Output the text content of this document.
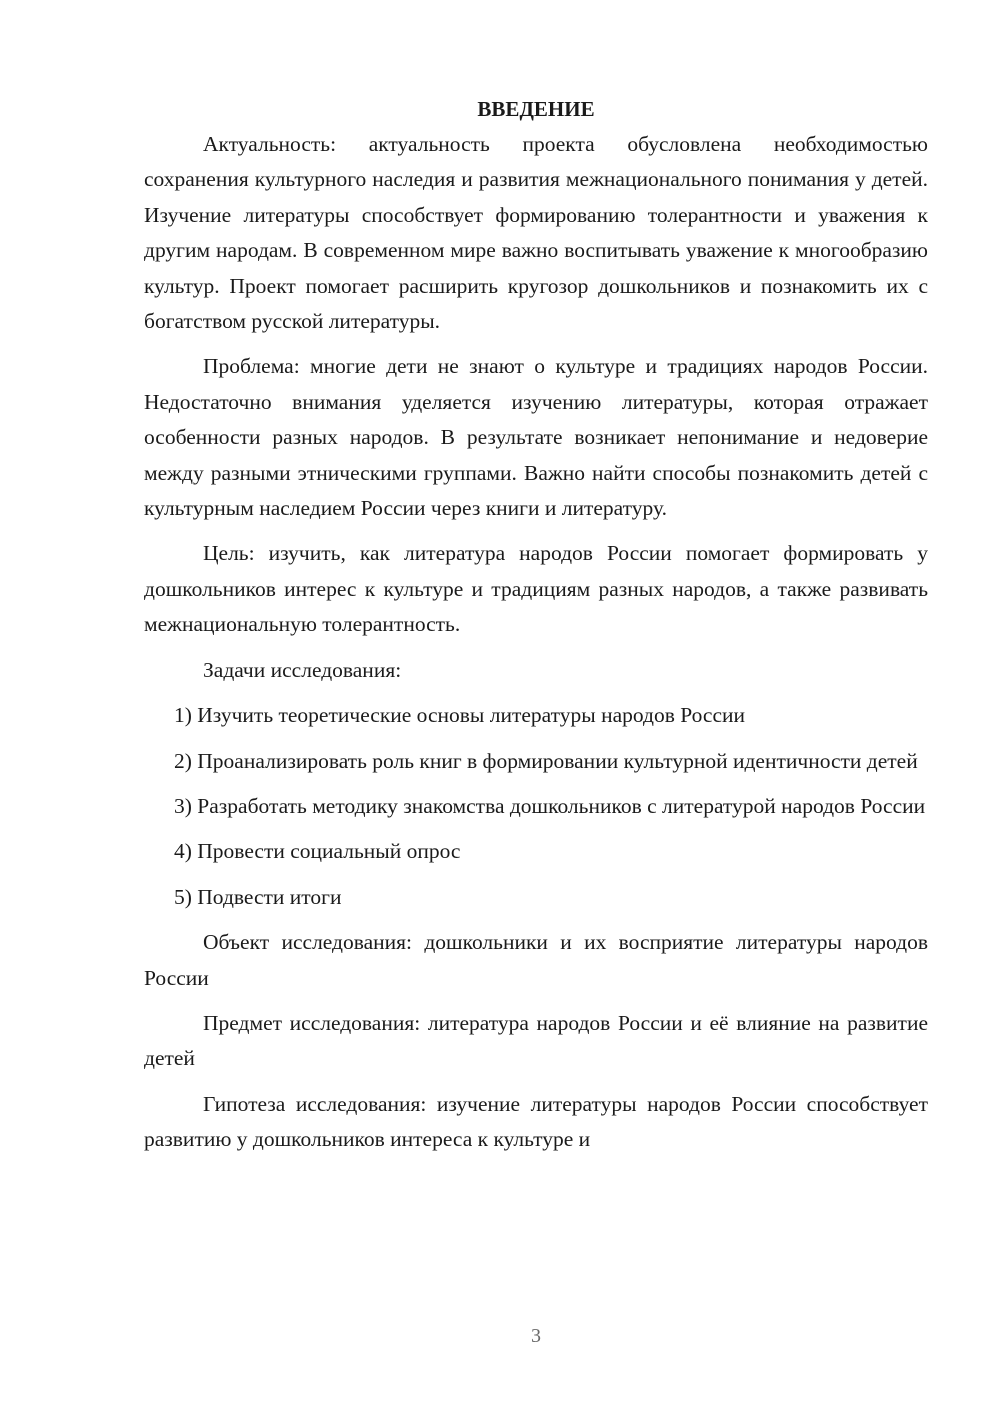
ВВЕДЕНИЕ

Актуальность: актуальность проекта обусловлена необходимостью сохранения культурного наследия и развития межнационального понимания у детей. Изучение литературы способствует формированию толерантности и уважения к другим народам. В современном мире важно воспитывать уважение к многообразию культур. Проект помогает расширить кругозор дошкольников и познакомить их с богатством русской литературы.

Проблема: многие дети не знают о культуре и традициях народов России. Недостаточно внимания уделяется изучению литературы, которая отражает особенности разных народов. В результате возникает непонимание и недоверие между разными этническими группами. Важно найти способы познакомить детей с культурным наследием России через книги и литературу.

Цель: изучить, как литература народов России помогает формировать у дошкольников интерес к культуре и традициям разных народов, а также развивать межнациональную толерантность.

Задачи исследования:

1) Изучить теоретические основы литературы народов России

2) Проанализировать роль книг в формировании культурной идентичности детей

3) Разработать методику знакомства дошкольников с литературой народов России

4) Провести социальный опрос

5) Подвести итоги

Объект исследования: дошкольники и их восприятие литературы народов России

Предмет исследования: литература народов России и её влияние на развитие детей

Гипотеза исследования: изучение литературы народов России способствует развитию у дошкольников интереса к культуре и

3
